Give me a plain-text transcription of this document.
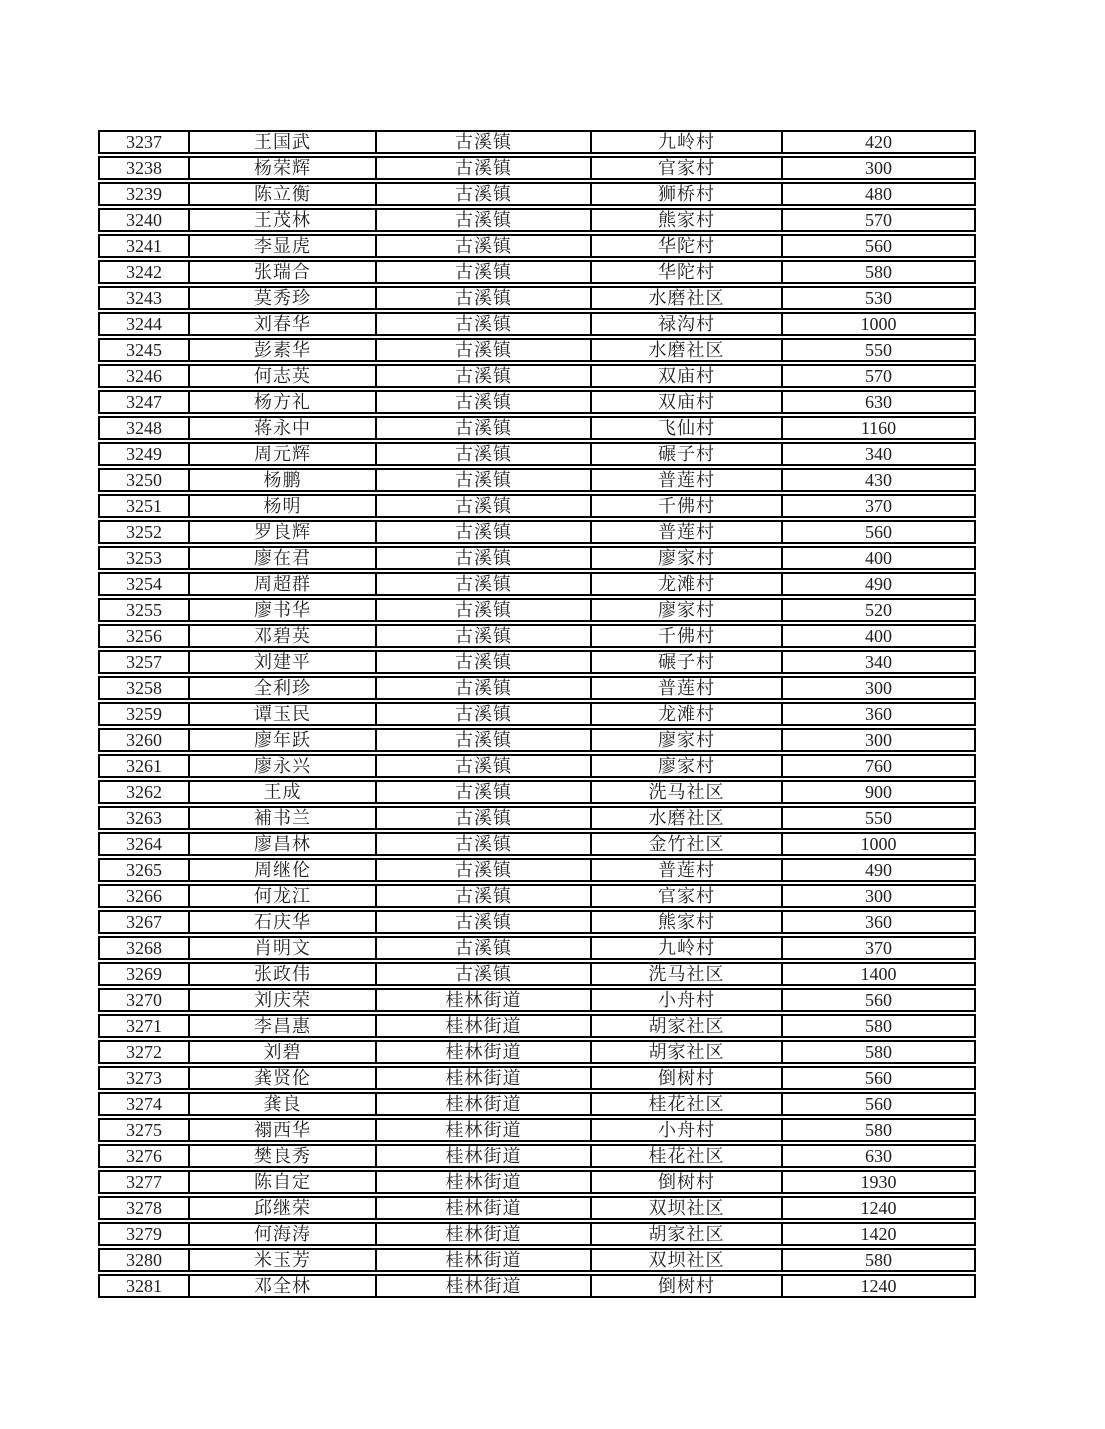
3237	王国武	古溪镇	九岭村	420
3238	杨荣辉	古溪镇	官家村	300
3239	陈立衡	古溪镇	狮桥村	480
3240	王茂林	古溪镇	熊家村	570
3241	李显虎	古溪镇	华陀村	560
3242	张瑞合	古溪镇	华陀村	580
3243	莫秀珍	古溪镇	水磨社区	530
3244	刘春华	古溪镇	禄沟村	1000
3245	彭素华	古溪镇	水磨社区	550
3246	何志英	古溪镇	双庙村	570
3247	杨方礼	古溪镇	双庙村	630
3248	蒋永中	古溪镇	飞仙村	1160
3249	周元辉	古溪镇	碾子村	340
3250	杨鹏	古溪镇	普莲村	430
3251	杨明	古溪镇	千佛村	370
3252	罗良辉	古溪镇	普莲村	560
3253	廖在君	古溪镇	廖家村	400
3254	周超群	古溪镇	龙滩村	490
3255	廖书华	古溪镇	廖家村	520
3256	邓碧英	古溪镇	千佛村	400
3257	刘建平	古溪镇	碾子村	340
3258	全利珍	古溪镇	普莲村	300
3259	谭玉民	古溪镇	龙滩村	360
3260	廖年跃	古溪镇	廖家村	300
3261	廖永兴	古溪镇	廖家村	760
3262	王成	古溪镇	洗马社区	900
3263	補书兰	古溪镇	水磨社区	550
3264	廖昌林	古溪镇	金竹社区	1000
3265	周继伦	古溪镇	普莲村	490
3266	何龙江	古溪镇	官家村	300
3267	石庆华	古溪镇	熊家村	360
3268	肖明文	古溪镇	九岭村	370
3269	张政伟	古溪镇	洗马社区	1400
3270	刘庆荣	桂林街道	小舟村	560
3271	李昌惠	桂林街道	胡家社区	580
3272	刘碧	桂林街道	胡家社区	580
3273	龚贤伦	桂林街道	倒树村	560
3274	龚良	桂林街道	桂花社区	560
3275	禤西华	桂林街道	小舟村	580
3276	樊良秀	桂林街道	桂花社区	630
3277	陈自定	桂林街道	倒树村	1930
3278	邱继荣	桂林街道	双坝社区	1240
3279	何海涛	桂林街道	胡家社区	1420
3280	米玉芳	桂林街道	双坝社区	580
3281	邓全林	桂林街道	倒树村	1240
